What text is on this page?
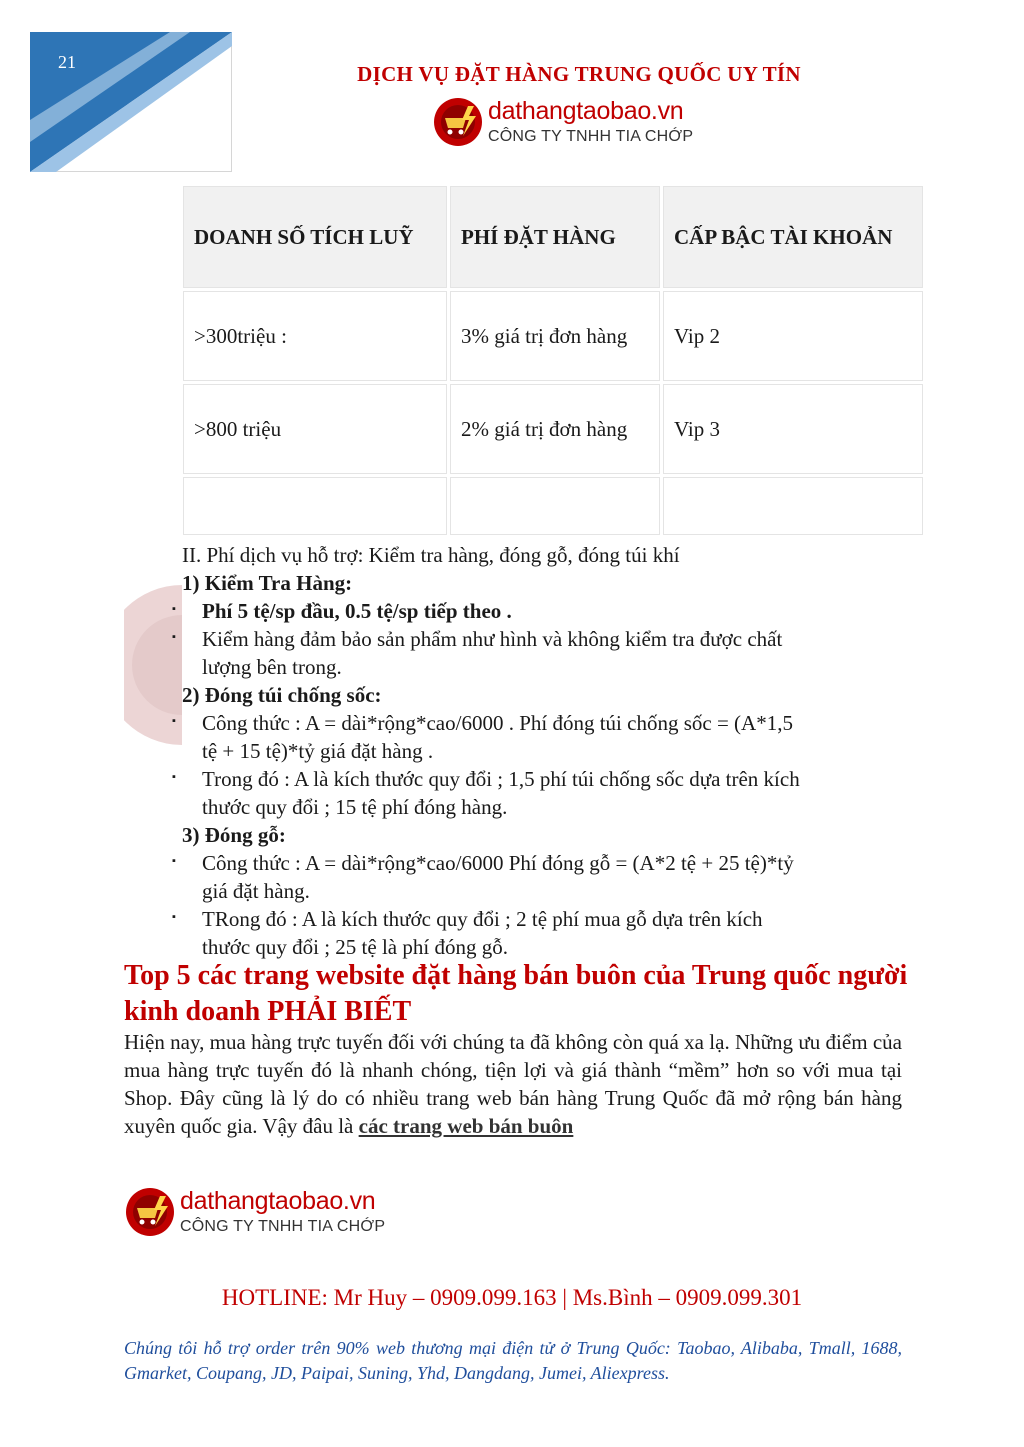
21	DỊCH VỤ ĐẶT HÀNG TRUNG QUỐC UY TÍN
dathangtaobao.vn
CÔNG TY TNHH TIA CHỚP
DOANH SỐ TÍCH LUỸ	PHÍ ĐẶT HÀNG	CẤP BẬC TÀI KHOẢN
>300triệu :	3% giá trị đơn hàng	Vip 2
>800 triệu	2% giá trị đơn hàng	Vip 3

II. Phí dịch vụ hỗ trợ: Kiểm tra hàng, đóng gỗ, đóng túi khí
1) Kiểm Tra Hàng:
▪ Phí 5 tệ/sp đầu, 0.5 tệ/sp tiếp theo .
▪ Kiểm hàng đảm bảo sản phẩm như hình và không kiểm tra được chất
lượng bên trong.
2) Đóng túi chống sốc:
▪ Công thức : A = dài*rộng*cao/6000 . Phí đóng túi chống sốc = (A*1,5
tệ + 15 tệ)*tỷ giá đặt hàng .
▪ Trong đó : A là kích thước quy đổi ; 1,5 phí túi chống sốc dựa trên kích
thước quy đổi ; 15 tệ phí đóng hàng.
3) Đóng gỗ:
▪ Công thức : A = dài*rộng*cao/6000 Phí đóng gỗ = (A*2 tệ + 25 tệ)*tỷ
giá đặt hàng.
▪ TRong đó : A là kích thước quy đổi ; 2 tệ phí mua gỗ dựa trên kích
thước quy đổi ; 25 tệ là phí đóng gỗ.
Top 5 các trang website đặt hàng bán buôn của Trung quốc người kinh doanh PHẢI BIẾT
Hiện nay, mua hàng trực tuyến đối với chúng ta đã không còn quá xa lạ. Những ưu điểm của mua hàng trực tuyến đó là nhanh chóng, tiện lợi và giá thành “mềm” hơn so với mua tại Shop. Đây cũng là lý do có nhiều trang web bán hàng Trung Quốc đã mở rộng bán hàng xuyên quốc gia. Vậy đâu là các trang web bán buôn
dathangtaobao.vn
CÔNG TY TNHH TIA CHỚP
HOTLINE: Mr Huy – 0909.099.163 | Ms.Bình – 0909.099.301
Chúng tôi hỗ trợ order trên 90% web thương mại điện tử ở Trung Quốc: Taobao, Alibaba, Tmall, 1688, Gmarket, Coupang, JD, Paipai, Suning, Yhd, Dangdang, Jumei, Aliexpress.
